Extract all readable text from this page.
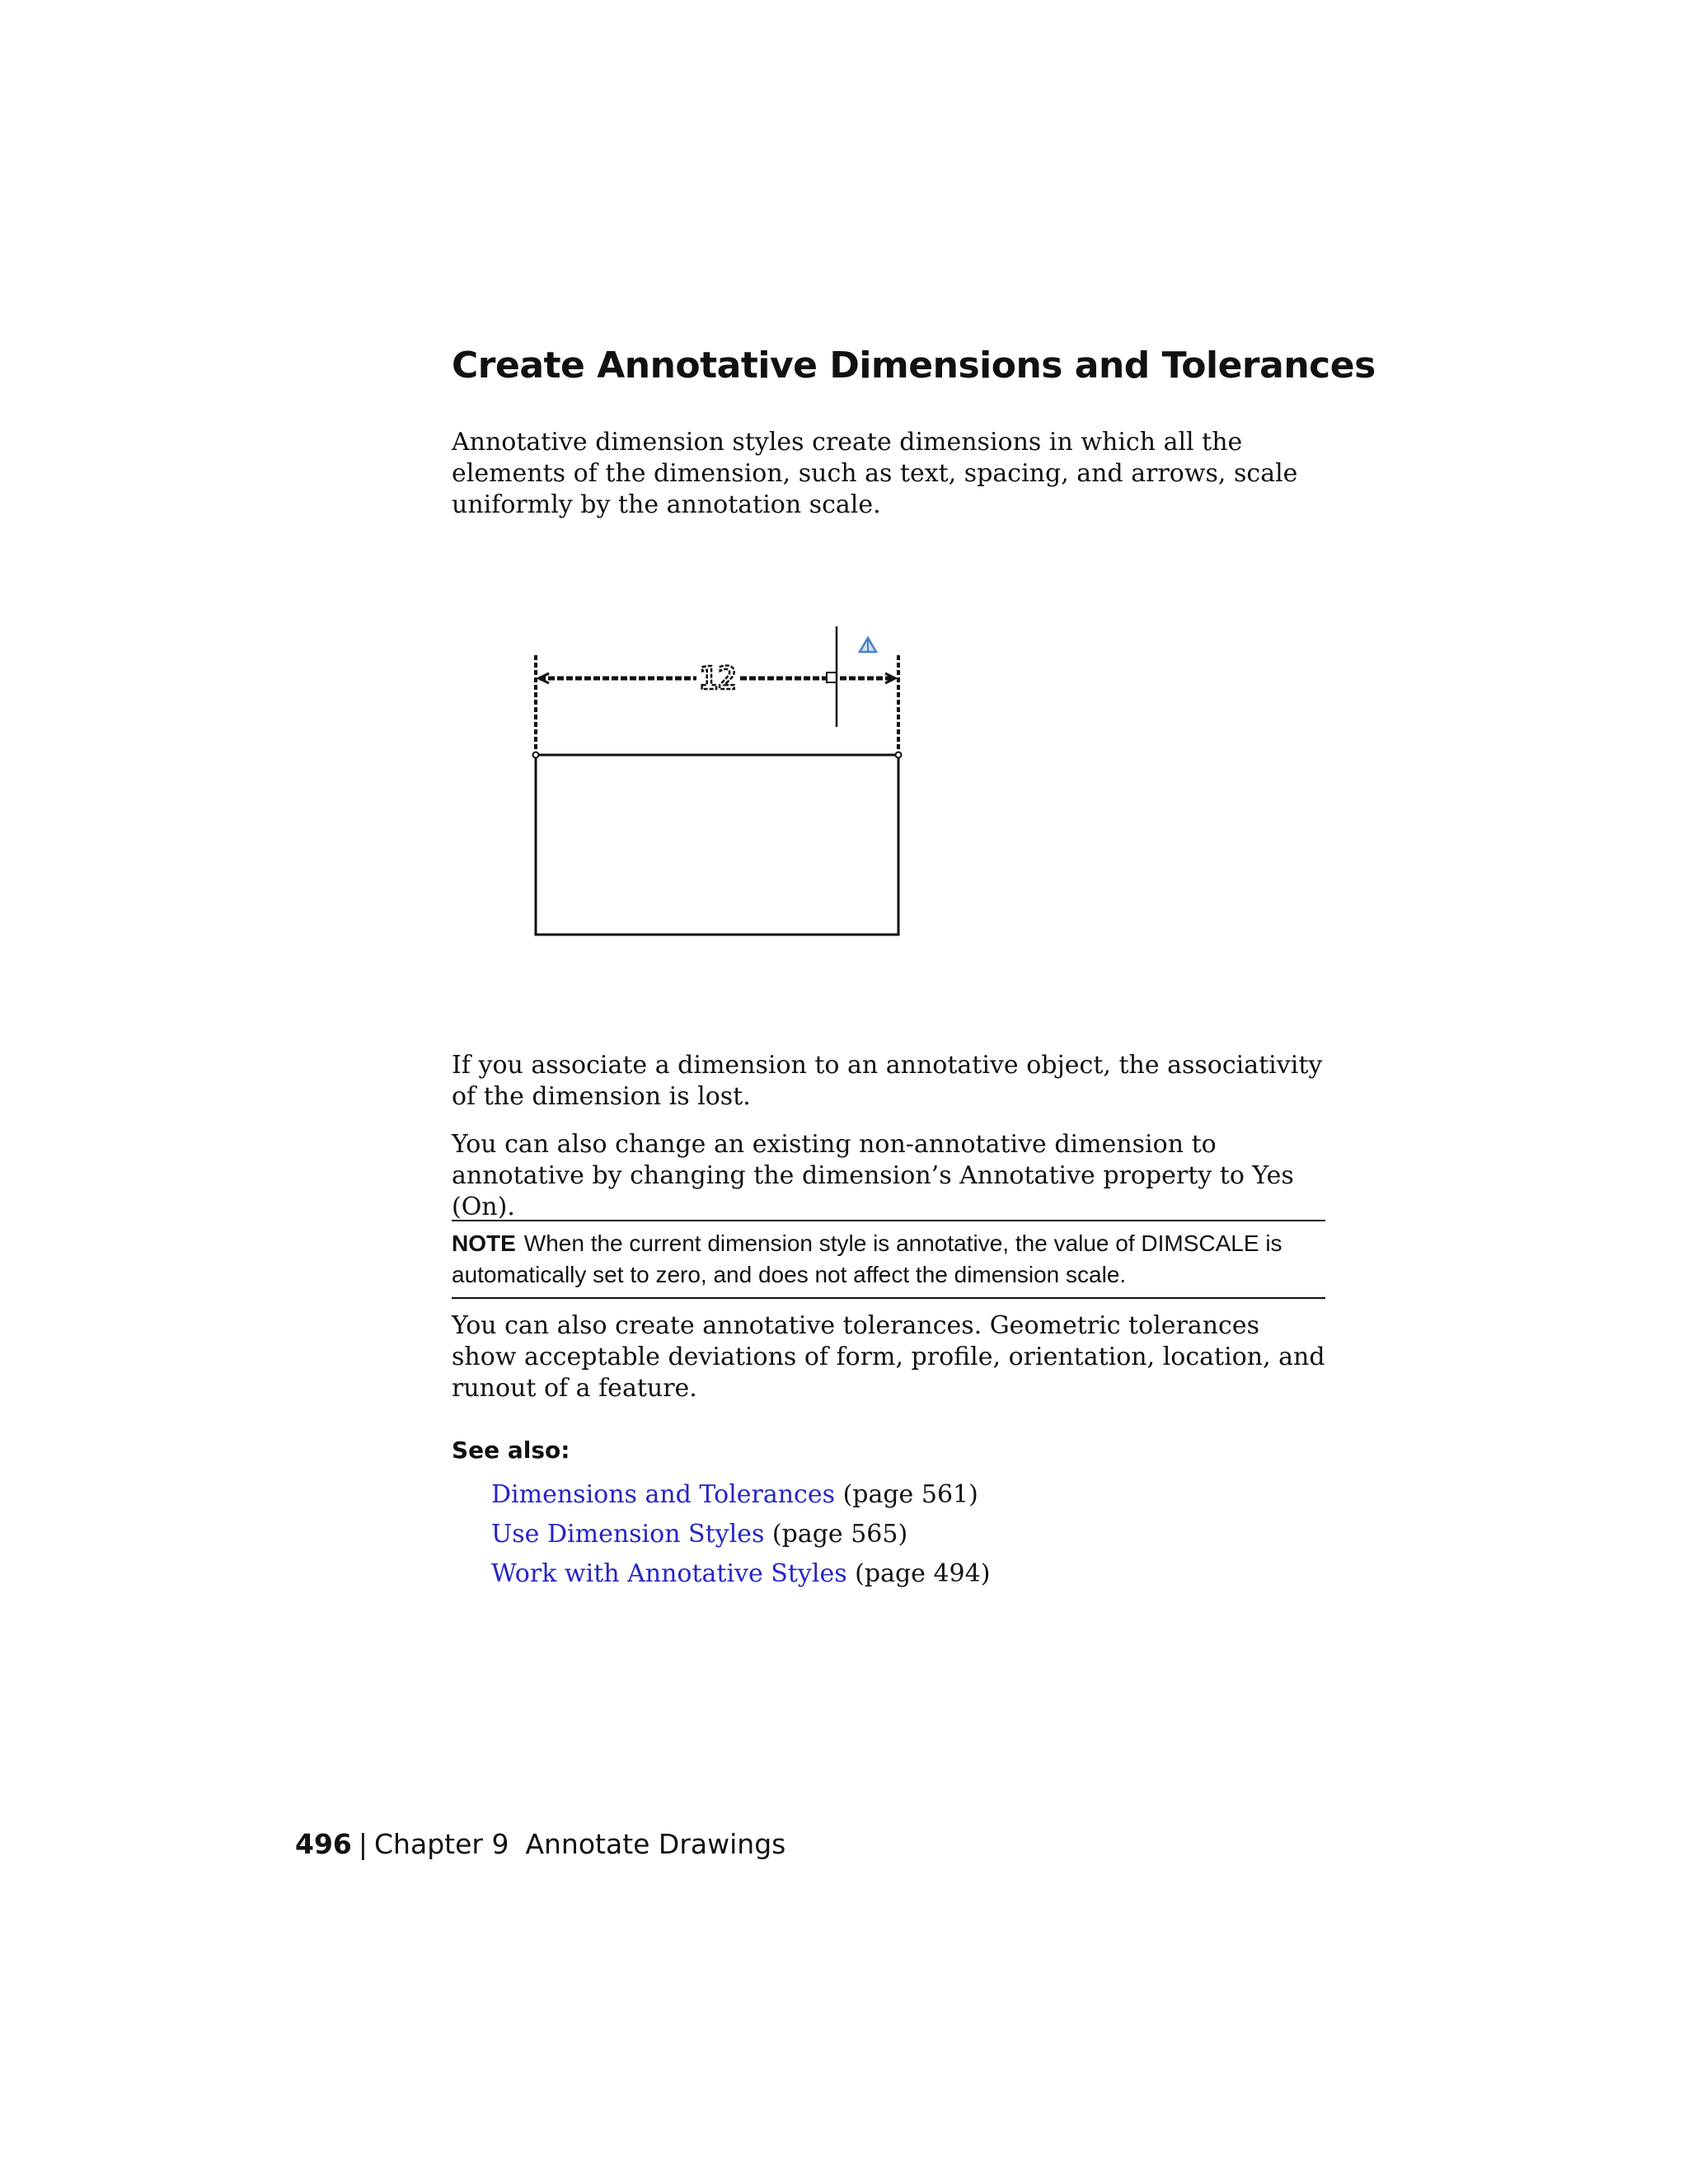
Create Annotative Dimensions and Tolerances

Annotative dimension styles create dimensions in which all the elements of the dimension, such as text, spacing, and arrows, scale uniformly by the annotation scale.

12

If you associate a dimension to an annotative object, the associativity of the dimension is lost.

You can also change an existing non-annotative dimension to annotative by changing the dimension’s Annotative property to Yes (On).

NOTE When the current dimension style is annotative, the value of DIMSCALE is automatically set to zero, and does not affect the dimension scale.

You can also create annotative tolerances. Geometric tolerances show acceptable deviations of form, profile, orientation, location, and runout of a feature.

See also:

Dimensions and Tolerances (page 561)

Use Dimension Styles (page 565)

Work with Annotative Styles (page 494)

496 | Chapter 9 Annotate Drawings
